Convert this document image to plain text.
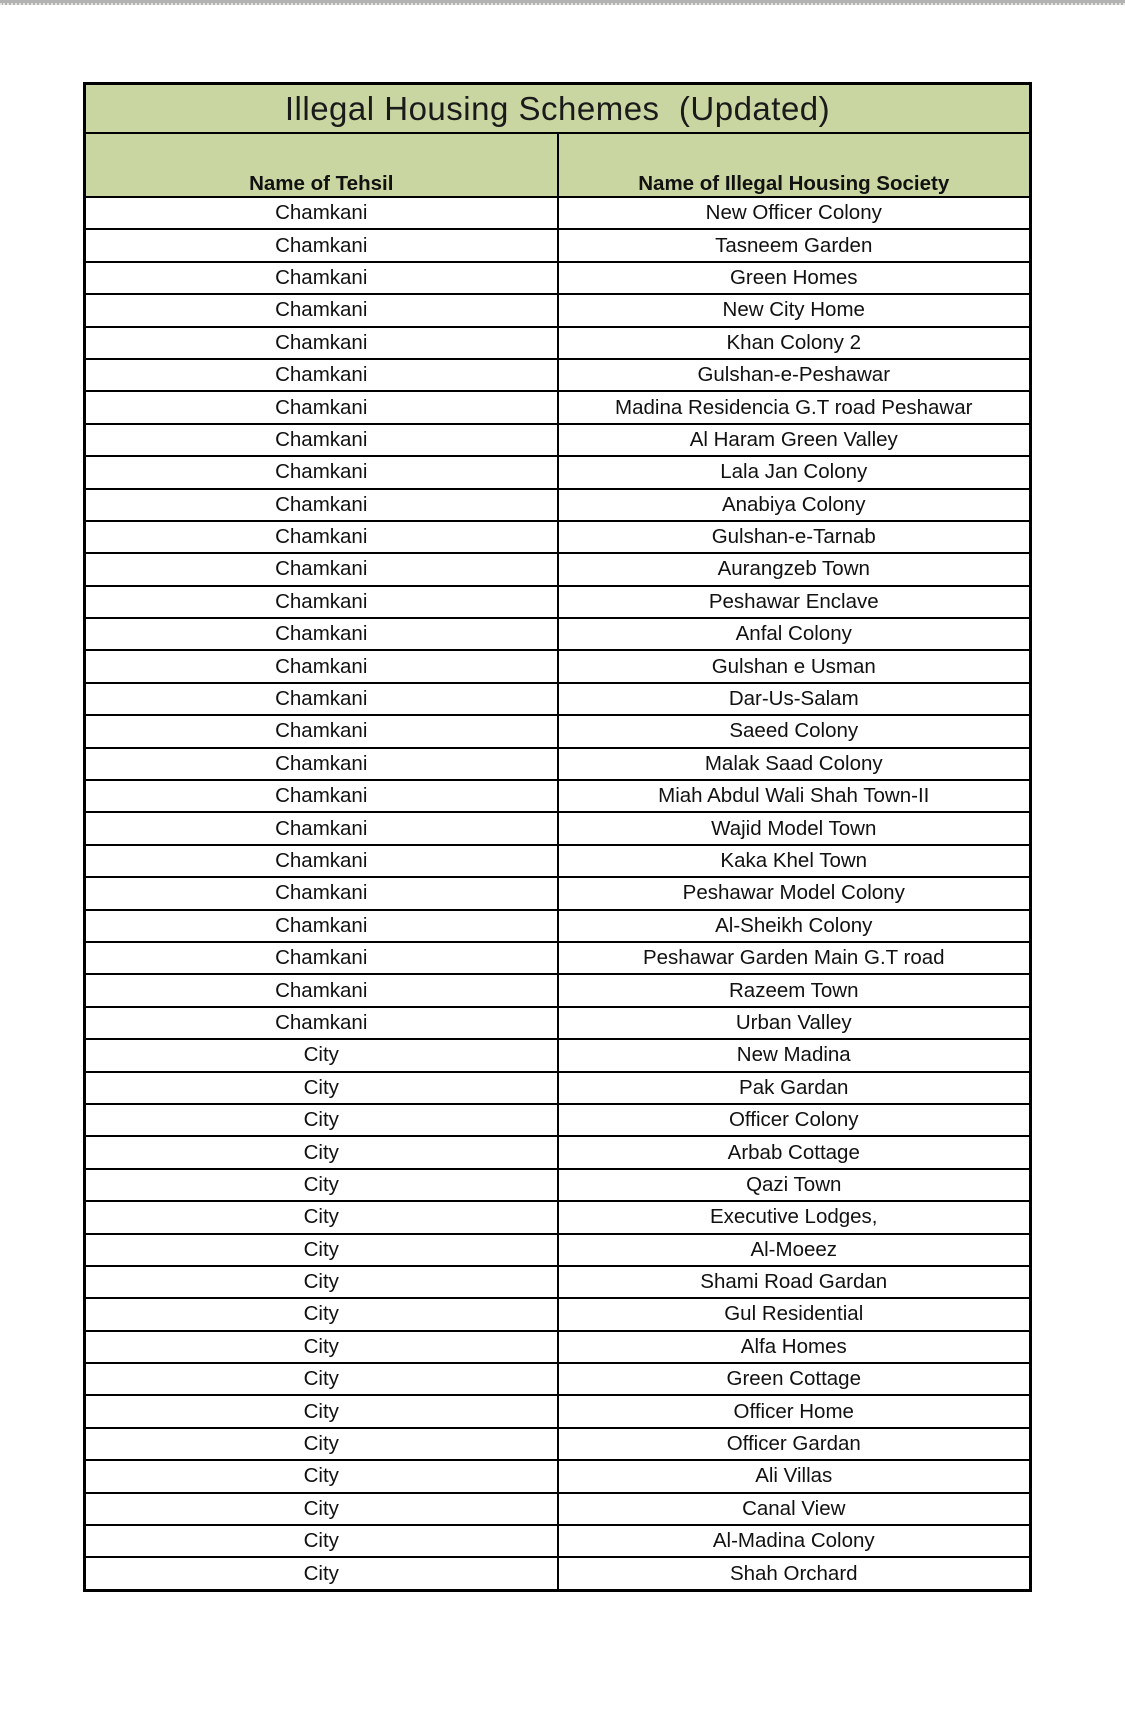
Illegal Housing Schemes  (Updated)	
Name of Tehsil	Name of Illegal Housing Society
Chamkani	New Officer Colony
Chamkani	Tasneem Garden
Chamkani	Green Homes
Chamkani	New City Home
Chamkani	Khan Colony 2
Chamkani	Gulshan-e-Peshawar
Chamkani	Madina Residencia G.T road Peshawar
Chamkani	Al Haram Green Valley
Chamkani	Lala Jan Colony
Chamkani	Anabiya Colony
Chamkani	Gulshan-e-Tarnab
Chamkani	Aurangzeb Town
Chamkani	Peshawar Enclave
Chamkani	Anfal Colony
Chamkani	Gulshan e Usman
Chamkani	Dar-Us-Salam
Chamkani	Saeed Colony
Chamkani	Malak Saad Colony
Chamkani	Miah Abdul Wali Shah Town-II
Chamkani	Wajid Model Town
Chamkani	Kaka Khel Town
Chamkani	Peshawar Model Colony
Chamkani	Al-Sheikh Colony
Chamkani	Peshawar Garden Main G.T road
Chamkani	Razeem Town
Chamkani	Urban Valley
City	New Madina
City	Pak Gardan
City	Officer Colony
City	Arbab Cottage
City	Qazi Town
City	Executive Lodges,
City	Al-Moeez
City	Shami Road Gardan
City	Gul Residential
City	Alfa Homes
City	Green Cottage
City	Officer Home
City	Officer Gardan
City	Ali Villas
City	Canal View
City	Al-Madina Colony
City	Shah Orchard
